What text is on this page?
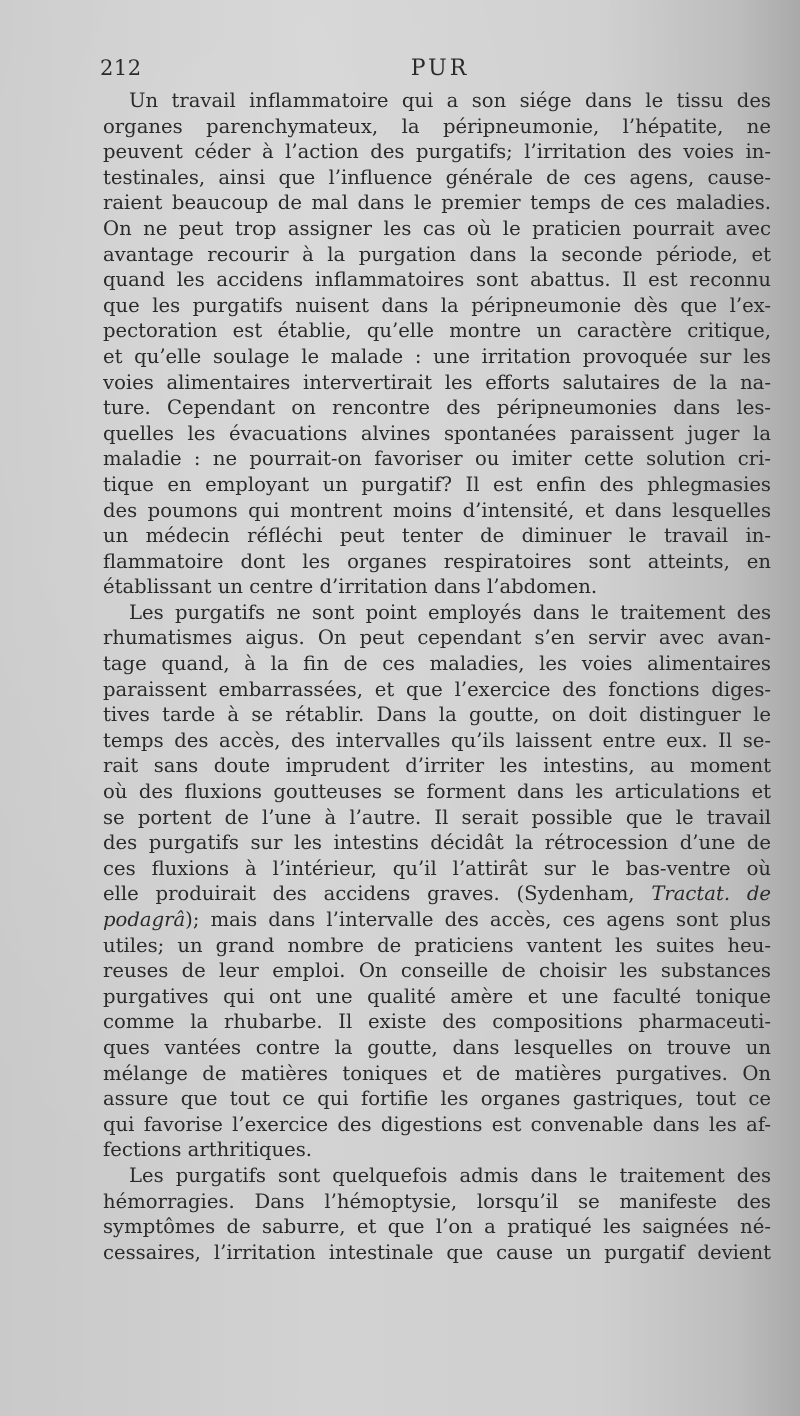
212	PUR
Un travail inflammatoire qui a son siége dans le tissu des
organes parenchymateux, la péripneumonie, l’hépatite, ne
peuvent céder à l’action des purgatifs; l’irritation des voies in-
testinales, ainsi que l’influence générale de ces agens, cause-
raient beaucoup de mal dans le premier temps de ces maladies.
On ne peut trop assigner les cas où le praticien pourrait avec
avantage recourir à la purgation dans la seconde période, et
quand les accidens inflammatoires sont abattus. Il est reconnu
que les purgatifs nuisent dans la péripneumonie dès que l’ex-
pectoration est établie, qu’elle montre un caractère critique,
et qu’elle soulage le malade : une irritation provoquée sur les
voies alimentaires intervertirait les efforts salutaires de la na-
ture. Cependant on rencontre des péripneumonies dans les-
quelles les évacuations alvines spontanées paraissent juger la
maladie : ne pourrait-on favoriser ou imiter cette solution cri-
tique en employant un purgatif? Il est enfin des phlegmasies
des poumons qui montrent moins d’intensité, et dans lesquelles
un médecin réfléchi peut tenter de diminuer le travail in-
flammatoire dont les organes respiratoires sont atteints, en
établissant un centre d’irritation dans l’abdomen.
Les purgatifs ne sont point employés dans le traitement des
rhumatismes aigus. On peut cependant s’en servir avec avan-
tage quand, à la fin de ces maladies, les voies alimentaires
paraissent embarrassées, et que l’exercice des fonctions diges-
tives tarde à se rétablir. Dans la goutte, on doit distinguer le
temps des accès, des intervalles qu’ils laissent entre eux. Il se-
rait sans doute imprudent d’irriter les intestins, au moment
où des fluxions goutteuses se forment dans les articulations et
se portent de l’une à l’autre. Il serait possible que le travail
des purgatifs sur les intestins décidât la rétrocession d’une de
ces fluxions à l’intérieur, qu’il l’attirât sur le bas-ventre où
elle produirait des accidens graves. (Sydenham, Tractat. de
podagrâ); mais dans l’intervalle des accès, ces agens sont plus
utiles; un grand nombre de praticiens vantent les suites heu-
reuses de leur emploi. On conseille de choisir les substances
purgatives qui ont une qualité amère et une faculté tonique
comme la rhubarbe. Il existe des compositions pharmaceuti-
ques vantées contre la goutte, dans lesquelles on trouve un
mélange de matières toniques et de matières purgatives. On
assure que tout ce qui fortifie les organes gastriques, tout ce
qui favorise l’exercice des digestions est convenable dans les af-
fections arthritiques.
Les purgatifs sont quelquefois admis dans le traitement des
hémorragies. Dans l’hémoptysie, lorsqu’il se manifeste des
symptômes de saburre, et que l’on a pratiqué les saignées né-
cessaires, l’irritation intestinale que cause un purgatif devient
